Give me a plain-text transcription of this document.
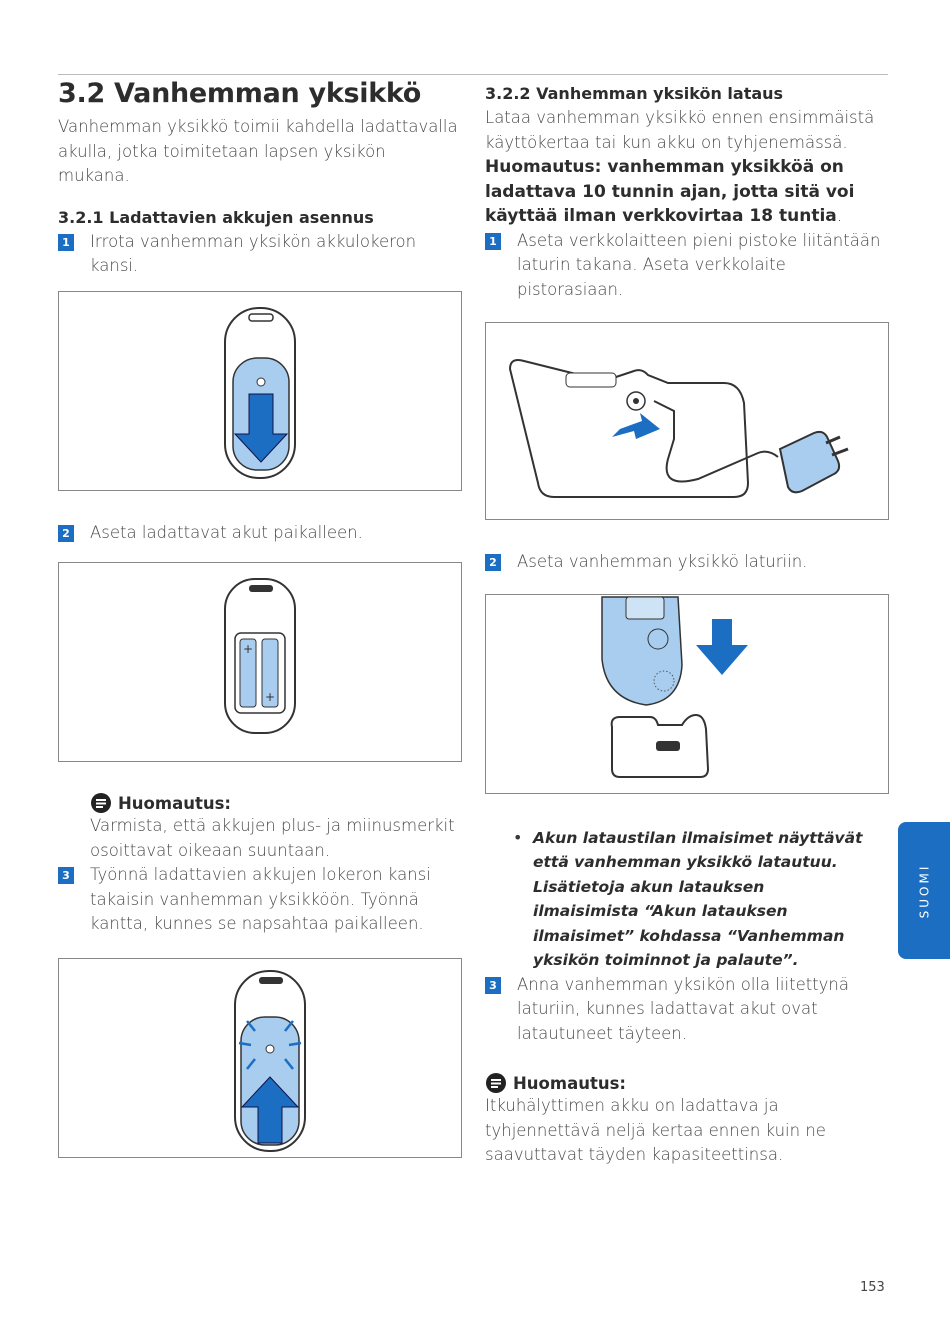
3.2 Vanhemman yksikkö

Vanhemman yksikkö toimii kahdella ladattavalla akulla, jotka toimitetaan lapsen yksikön mukana.

3.2.1 Ladattavien akkujen asennus
1 Irrota vanhemman yksikön akkulokeron kansi.

2 Aseta ladattavat akut paikalleen.

+
+
Huomautus:

Varmista, että akkujen plus- ja miinusmerkit osoittavat oikeaan suuntaan.

3 Työnnä ladattavien akkujen lokeron kansi takaisin vanhemman yksikköön. Työnnä kantta, kunnes se napsahtaa paikalleen.

3.2.2 Vanhemman yksikön lataus

Lataa vanhemman yksikkö ennen ensimmäistä käyttökertaa tai kun akku on tyhjenemässä.

Huomautus: vanhemman yksikköä on ladattava 10 tunnin ajan, jotta sitä voi käyttää ilman verkkovirtaa 18 tuntia.
1 Aseta verkkolaitteen pieni pistoke liitäntään laturin takana. Aseta verkkolaite pistorasiaan.

2 Aseta vanhemman yksikkö laturiin.

• Akun lataustilan ilmaisimet näyttävät että vanhemman yksikkö latautuu. Lisätietoja akun latauksen ilmaisimista “Akun latauksen ilmaisimet” kohdassa “Vanhemman yksikön toiminnot ja palaute”.

3 Anna vanhemman yksikön olla liitettynä laturiin, kunnes ladattavat akut ovat latautuneet täyteen.

Huomautus:

Itkuhälyttimen akku on ladattava ja tyhjennettävä neljä kertaa ennen kuin ne saavuttavat täyden kapasiteettinsa.

SUOMI
153
